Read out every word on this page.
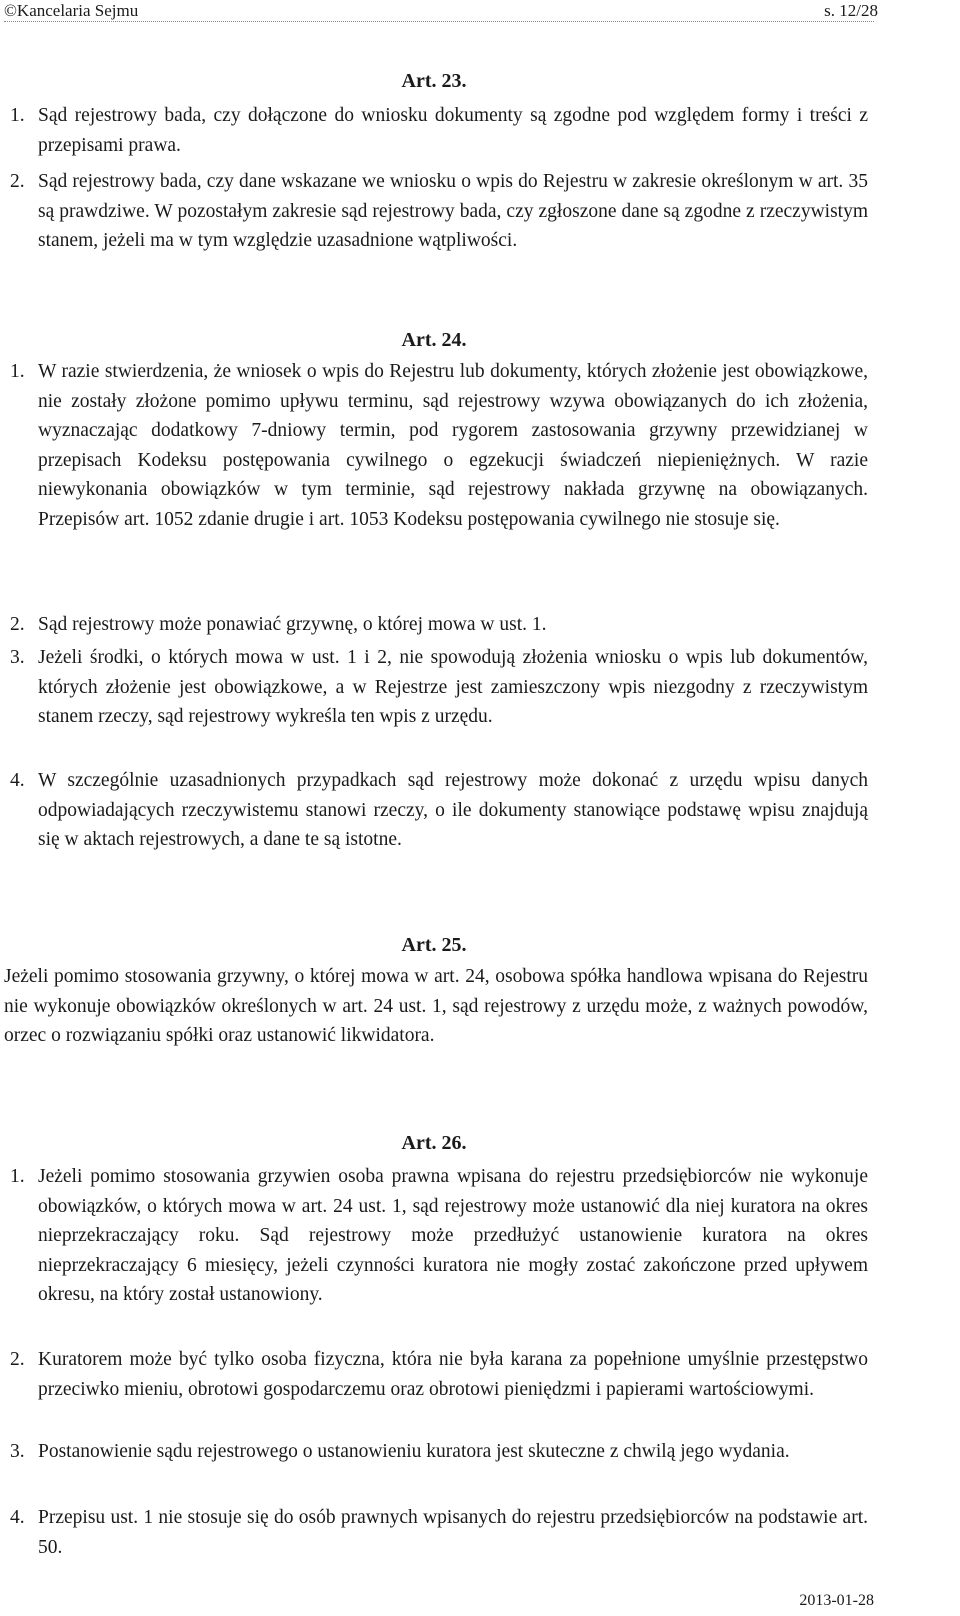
©Kancelaria Sejmu	s. 12/28
Art. 23.
1. Sąd rejestrowy bada, czy dołączone do wniosku dokumenty są zgodne pod względem formy i treści z przepisami prawa.
2. Sąd rejestrowy bada, czy dane wskazane we wniosku o wpis do Rejestru w zakresie określonym w art. 35 są prawdziwe. W pozostałym zakresie sąd rejestrowy bada, czy zgłoszone dane są zgodne z rzeczywistym stanem, jeżeli ma w tym względzie uzasadnione wątpliwości.
Art. 24.
1. W razie stwierdzenia, że wniosek o wpis do Rejestru lub dokumenty, których złożenie jest obowiązkowe, nie zostały złożone pomimo upływu terminu, sąd rejestrowy wzywa obowiązanych do ich złożenia, wyznaczając dodatkowy 7-dniowy termin, pod rygorem zastosowania grzywny przewidzianej w przepisach Kodeksu postępowania cywilnego o egzekucji świadczeń niepieniężnych. W razie niewykonania obowiązków w tym terminie, sąd rejestrowy nakłada grzywnę na obowiązanych. Przepisów art. 1052 zdanie drugie i art. 1053 Kodeksu postępowania cywilnego nie stosuje się.
2. Sąd rejestrowy może ponawiać grzywnę, o której mowa w ust. 1.
3. Jeżeli środki, o których mowa w ust. 1 i 2, nie spowodują złożenia wniosku o wpis lub dokumentów, których złożenie jest obowiązkowe, a w Rejestrze jest zamieszczony wpis niezgodny z rzeczywistym stanem rzeczy, sąd rejestrowy wykreśla ten wpis z urzędu.
4. W szczególnie uzasadnionych przypadkach sąd rejestrowy może dokonać z urzędu wpisu danych odpowiadających rzeczywistemu stanowi rzeczy, o ile dokumenty stanowiące podstawę wpisu znajdują się w aktach rejestrowych, a dane te są istotne.
Art. 25.
Jeżeli pomimo stosowania grzywny, o której mowa w art. 24, osobowa spółka handlowa wpisana do Rejestru nie wykonuje obowiązków określonych w art. 24 ust. 1, sąd rejestrowy z urzędu może, z ważnych powodów, orzec o rozwiązaniu spółki oraz ustanowić likwidatora.
Art. 26.
1. Jeżeli pomimo stosowania grzywien osoba prawna wpisana do rejestru przedsiębiorców nie wykonuje obowiązków, o których mowa w art. 24 ust. 1, sąd rejestrowy może ustanowić dla niej kuratora na okres nieprzekraczający roku. Sąd rejestrowy może przedłużyć ustanowienie kuratora na okres nieprzekraczający 6 miesięcy, jeżeli czynności kuratora nie mogły zostać zakończone przed upływem okresu, na który został ustanowiony.
2. Kuratorem może być tylko osoba fizyczna, która nie była karana za popełnione umyślnie przestępstwo przeciwko mieniu, obrotowi gospodarczemu oraz obrotowi pieniędzmi i papierami wartościowymi.
3. Postanowienie sądu rejestrowego o ustanowieniu kuratora jest skuteczne z chwilą jego wydania.
4. Przepisu ust. 1 nie stosuje się do osób prawnych wpisanych do rejestru przedsiębiorców na podstawie art. 50.
2013-01-28
